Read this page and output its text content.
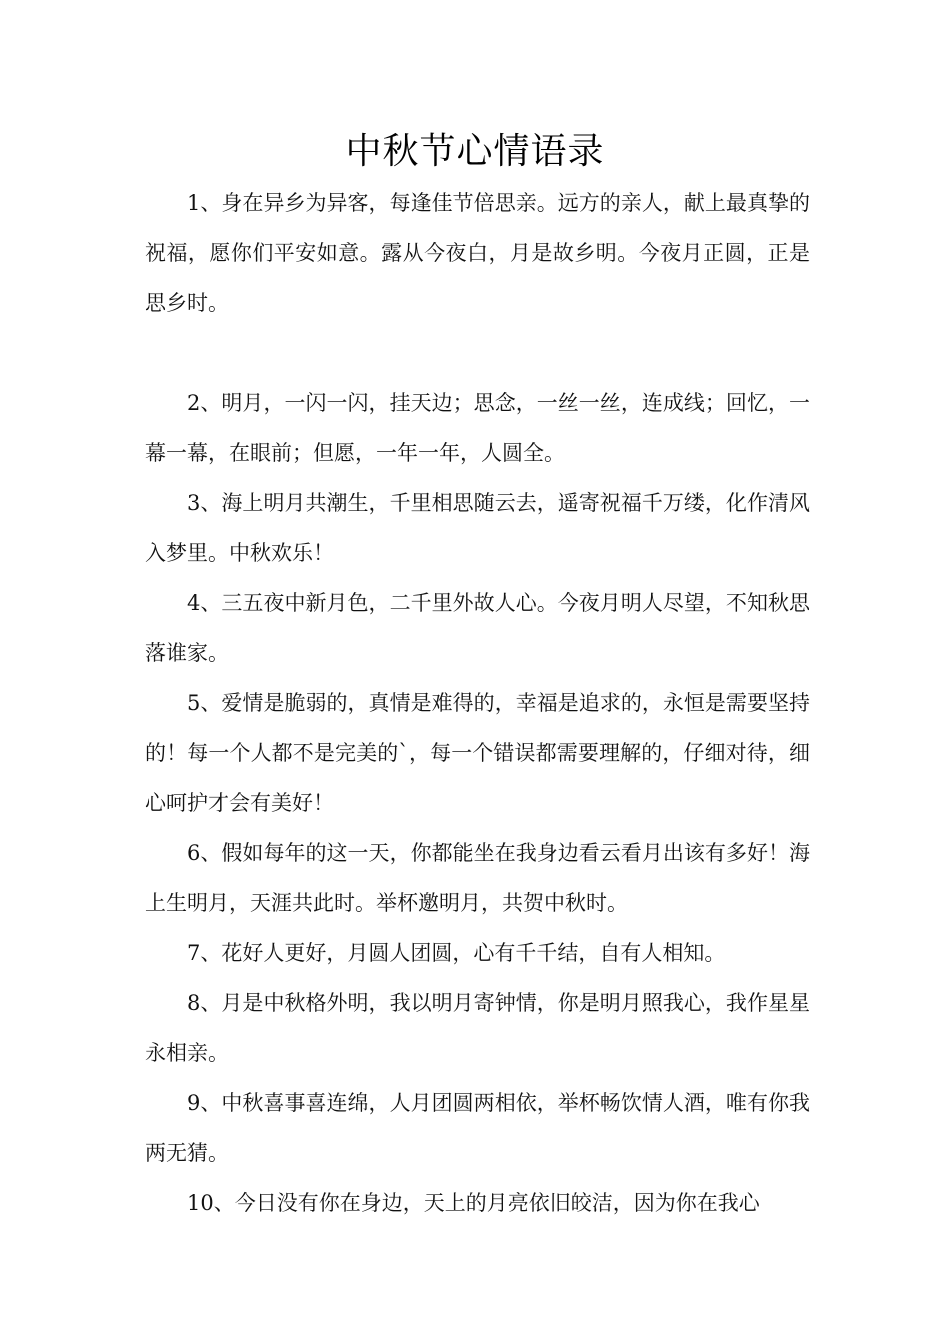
中秋节心情语录

1、身在异乡为异客，每逢佳节倍思亲。远方的亲人，献上最真挚的祝福，愿你们平安如意。露从今夜白，月是故乡明。今夜月正圆，正是思乡时。

2、明月，一闪一闪，挂天边；思念，一丝一丝，连成线；回忆，一幕一幕，在眼前；但愿，一年一年，人圆全。

3、海上明月共潮生，千里相思随云去，遥寄祝福千万缕，化作清风入梦里。中秋欢乐！

4、三五夜中新月色，二千里外故人心。今夜月明人尽望，不知秋思落谁家。

5、爱情是脆弱的，真情是难得的，幸福是追求的，永恒是需要坚持的！每一个人都不是完美的`，每一个错误都需要理解的，仔细对待，细心呵护才会有美好！

6、假如每年的这一天，你都能坐在我身边看云看月出该有多好！海上生明月，天涯共此时。举杯邀明月，共贺中秋时。

7、花好人更好，月圆人团圆，心有千千结，自有人相知。

8、月是中秋格外明，我以明月寄钟情，你是明月照我心，我作星星永相亲。

9、中秋喜事喜连绵，人月团圆两相依，举杯畅饮情人酒，唯有你我两无猜。

10、今日没有你在身边，天上的月亮依旧皎洁，因为你在我心
